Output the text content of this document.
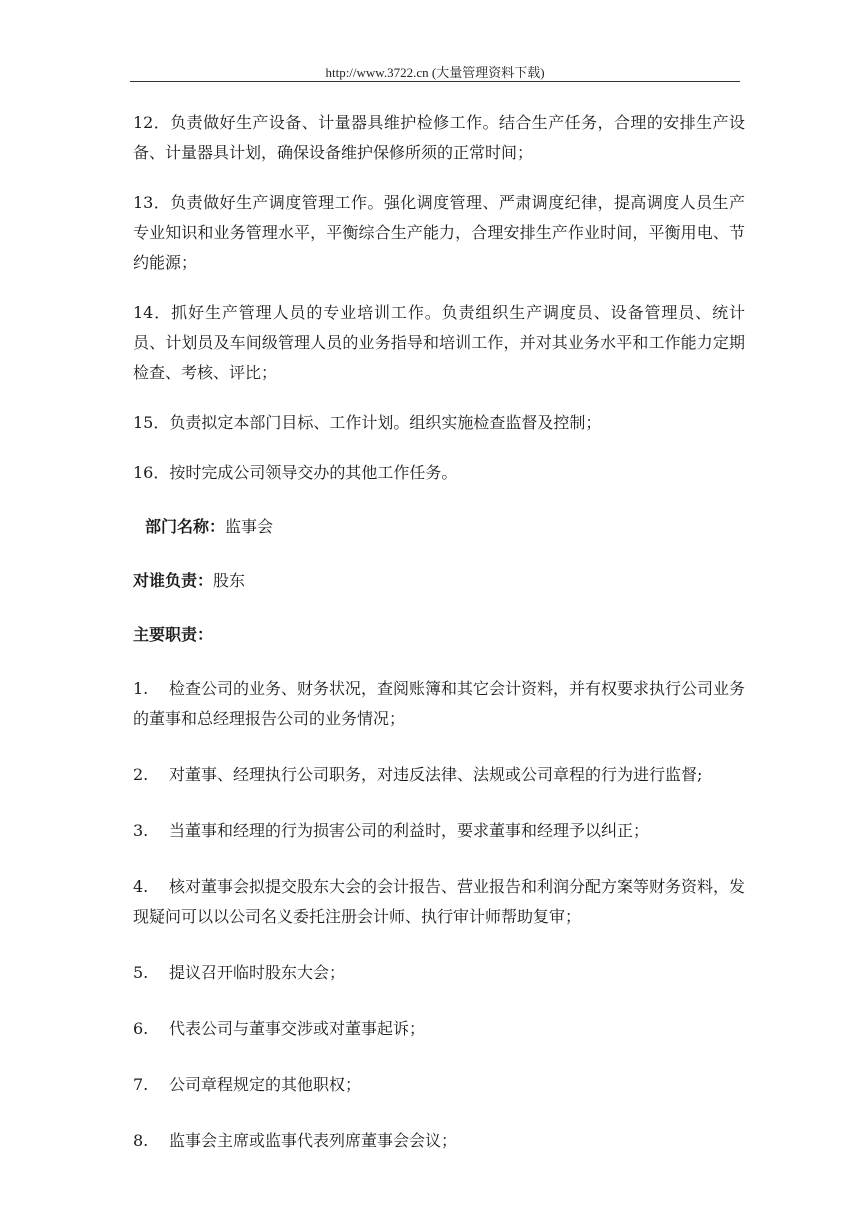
http://www.3722.cn (大量管理资料下载)

12．负责做好生产设备、计量器具维护检修工作。结合生产任务，合理的安排生产设备、计量器具计划，确保设备维护保修所须的正常时间；

13．负责做好生产调度管理工作。强化调度管理、严肃调度纪律，提高调度人员生产专业知识和业务管理水平，平衡综合生产能力，合理安排生产作业时间，平衡用电、节约能源；

14．抓好生产管理人员的专业培训工作。负责组织生产调度员、设备管理员、统计员、计划员及车间级管理人员的业务指导和培训工作，并对其业务水平和工作能力定期检查、考核、评比；

15．负责拟定本部门目标、工作计划。组织实施检查监督及控制；

16．按时完成公司领导交办的其他工作任务。

部门名称：监事会
对谁负责：股东
主要职责：

1. 检查公司的业务、财务状况，查阅账簿和其它会计资料，并有权要求执行公司业务的董事和总经理报告公司的业务情况；

2. 对董事、经理执行公司职务，对违反法律、法规或公司章程的行为进行监督;

3. 当董事和经理的行为损害公司的利益时，要求董事和经理予以纠正；

4. 核对董事会拟提交股东大会的会计报告、营业报告和利润分配方案等财务资料，发现疑问可以以公司名义委托注册会计师、执行审计师帮助复审；

5. 提议召开临时股东大会；

6. 代表公司与董事交涉或对董事起诉；

7. 公司章程规定的其他职权；

8. 监事会主席或监事代表列席董事会会议；
